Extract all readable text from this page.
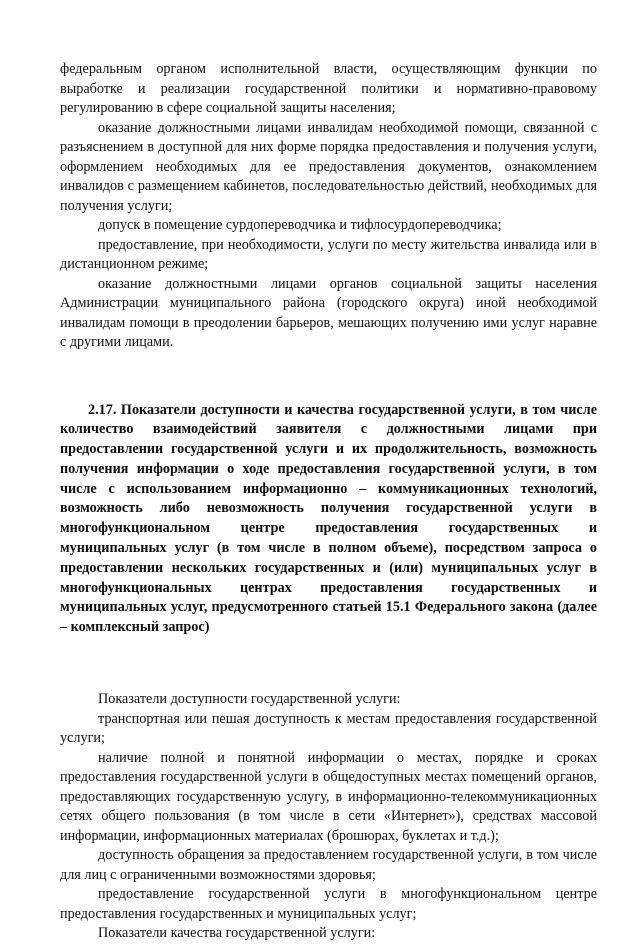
федеральным органом исполнительной власти, осуществляющим функции по выработке и реализации государственной политики и нормативно-правовому регулированию в сфере социальной защиты населения;

оказание должностными лицами инвалидам необходимой помощи, связанной с разъяснением в доступной для них форме порядка предоставления и получения услуги, оформлением необходимых для ее предоставления документов, ознакомлением инвалидов с размещением кабинетов, последовательностью действий, необходимых для получения услуги;

допуск в помещение сурдопереводчика и тифлосурдопереводчика;

предоставление, при необходимости, услуги по месту жительства инвалида или в дистанционном режиме;

оказание должностными лицами органов социальной защиты населения Администрации муниципального района (городского округа) иной необходимой инвалидам помощи в преодолении барьеров, мешающих получению ими услуг наравне с другими лицами.

2.17. Показатели доступности и качества государственной услуги, в том числе количество взаимодействий заявителя с должностными лицами при предоставлении государственной услуги и их продолжительность, возможность получения информации о ходе предоставления государственной услуги, в том числе с использованием информационно – коммуникационных технологий, возможность либо невозможность получения государственной услуги в многофункциональном центре предоставления государственных и муниципальных услуг (в том числе в полном объеме), посредством запроса о предоставлении нескольких государственных и (или) муниципальных услуг в многофункциональных центрах предоставления государственных и муниципальных услуг, предусмотренного статьей 15.1 Федерального закона (далее – комплексный запрос)

Показатели доступности государственной услуги:

транспортная или пешая доступность к местам предоставления государственной услуги;

наличие полной и понятной информации о местах, порядке и сроках предоставления государственной услуги в общедоступных местах помещений органов, предоставляющих государственную услугу, в информационно-телекоммуникационных сетях общего пользования (в том числе в сети «Интернет»), средствах массовой информации, информационных материалах (брошюрах, буклетах и т.д.);

доступность обращения за предоставлением государственной услуги, в том числе для лиц с ограниченными возможностями здоровья;

предоставление государственной услуги в многофункциональном центре предоставления государственных и муниципальных услуг;

Показатели качества государственной услуги:
